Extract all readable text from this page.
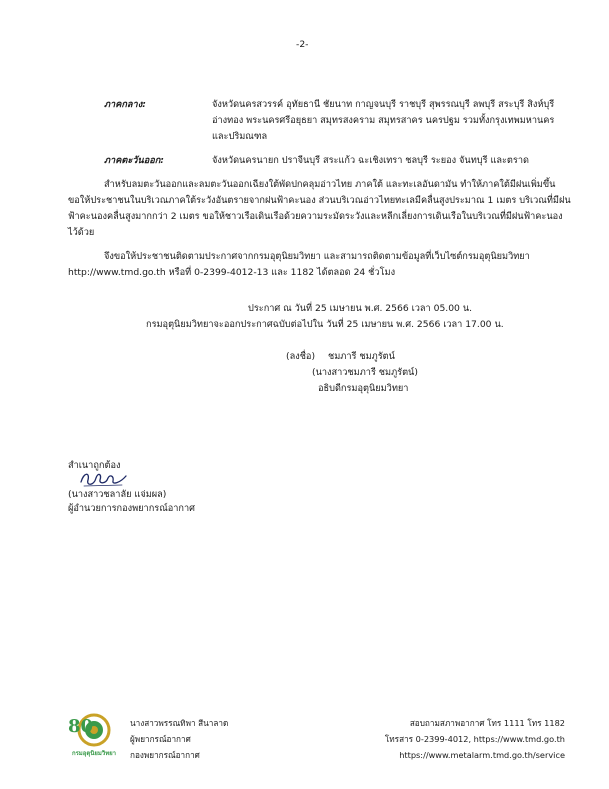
-2-
ภาคกลาง:	จังหวัดนครสวรรค์ อุทัยธานี ชัยนาท กาญจนบุรี ราชบุรี สุพรรณบุรี ลพบุรี สระบุรี สิงห์บุรี
อ่างทอง พระนครศรีอยุธยา สมุทรสงคราม สมุทรสาคร นครปฐม รวมทั้งกรุงเทพมหานคร
และปริมณฑล
ภาคตะวันออก:	จังหวัดนครนายก ปราจีนบุรี สระแก้ว ฉะเชิงเทรา ชลบุรี ระยอง จันทบุรี และตราด
สำหรับลมตะวันออกและลมตะวันออกเฉียงใต้พัดปกคลุมอ่าวไทย ภาคใต้ และทะเลอันดามัน ทำให้ภาคใต้มีฝนเพิ่มขึ้น
ขอให้ประชาชนในบริเวณภาคใต้ระวังอันตรายจากฝนฟ้าคะนอง ส่วนบริเวณอ่าวไทยทะเลมีคลื่นสูงประมาณ 1 เมตร บริเวณที่มีฝน
ฟ้าคะนองคลื่นสูงมากกว่า 2 เมตร ขอให้ชาวเรือเดินเรือด้วยความระมัดระวังและหลีกเลี่ยงการเดินเรือในบริเวณที่มีฝนฟ้าคะนอง
ไว้ด้วย
จึงขอให้ประชาชนติดตามประกาศจากกรมอุตุนิยมวิทยา และสามารถติดตามข้อมูลที่เว็บไซต์กรมอุตุนิยมวิทยา
http://www.tmd.go.th หรือที่ 0-2399-4012-13 และ 1182 ได้ตลอด 24 ชั่วโมง
ประกาศ ณ วันที่ 25 เมษายน พ.ศ. 2566 เวลา 05.00 น.
กรมอุตุนิยมวิทยาจะออกประกาศฉบับต่อไปใน วันที่ 25 เมษายน พ.ศ. 2566 เวลา 17.00 น.
(ลงชื่อ) ชมภารี ชมภูรัตน์
(นางสาวชมภารี ชมภูรัตน์)
อธิบดีกรมอุตุนิยมวิทยา
สำเนาถูกต้อง
(นางสาวชลาลัย แจ่มผล)
ผู้อำนวยการกองพยากรณ์อากาศ
80
กรมอุตุนิยมวิทยา
นางสาวพรรณทิพา สีนาลาด
ผู้พยากรณ์อากาศ
กองพยากรณ์อากาศ
สอบถามสภาพอากาศ โทร 1111 โทร 1182
โทรสาร 0-2399-4012, https://www.tmd.go.th
https://www.metalarm.tmd.go.th/service
